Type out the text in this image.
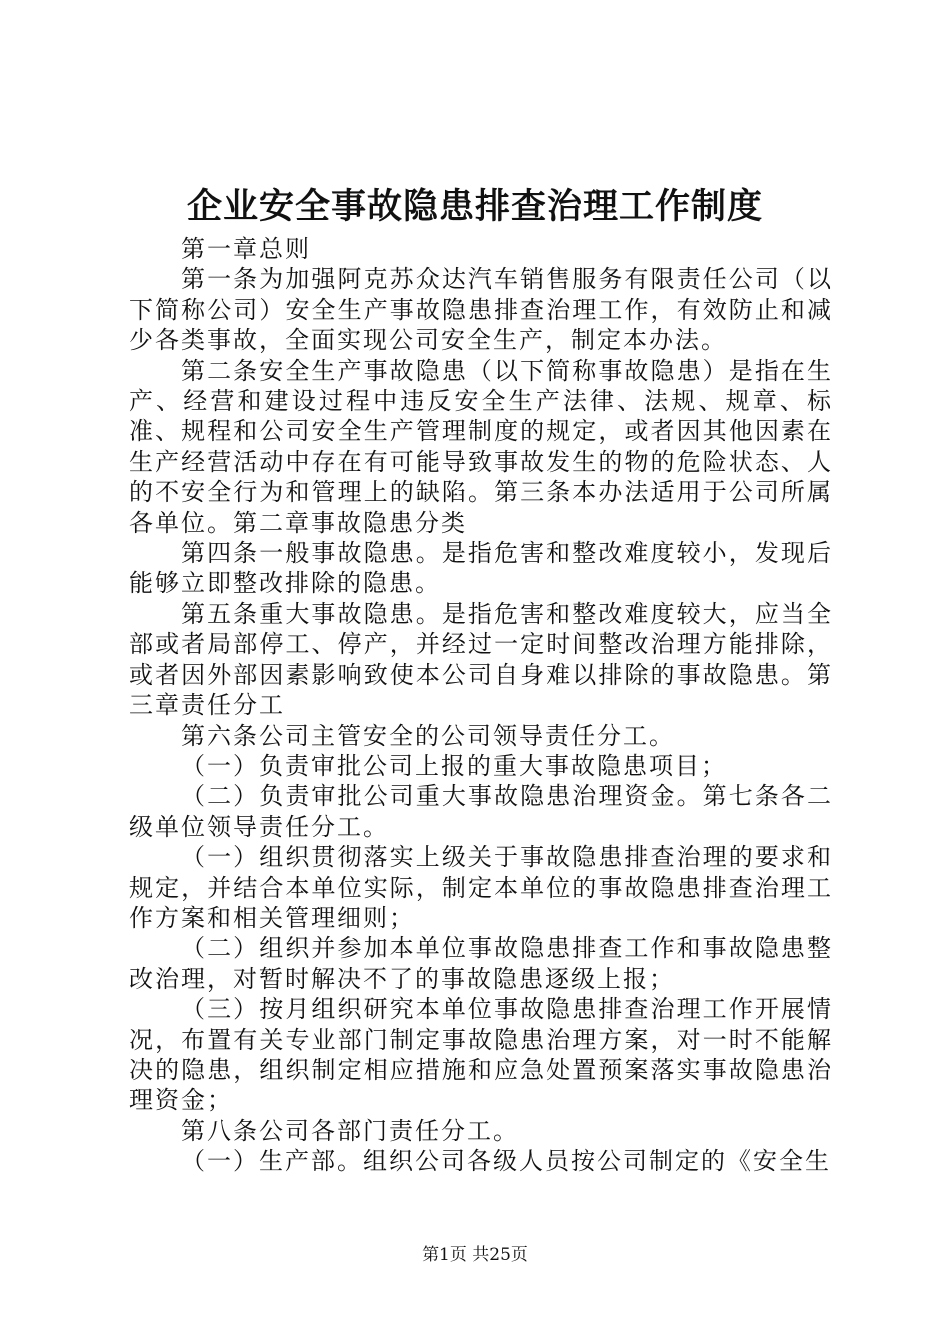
企业安全事故隐患排查治理工作制度

第一章总则

第一条为加强阿克苏众达汽车销售服务有限责任公司（以下简称公司）安全生产事故隐患排查治理工作，有效防止和减少各类事故，全面实现公司安全生产，制定本办法。

第二条安全生产事故隐患（以下简称事故隐患）是指在生产、经营和建设过程中违反安全生产法律、法规、规章、标准、规程和公司安全生产管理制度的规定，或者因其他因素在生产经营活动中存在有可能导致事故发生的物的危险状态、人的不安全行为和管理上的缺陷。第三条本办法适用于公司所属各单位。第二章事故隐患分类

第四条一般事故隐患。是指危害和整改难度较小，发现后能够立即整改排除的隐患。

第五条重大事故隐患。是指危害和整改难度较大，应当全部或者局部停工、停产，并经过一定时间整改治理方能排除，或者因外部因素影响致使本公司自身难以排除的事故隐患。第三章责任分工

第六条公司主管安全的公司领导责任分工。

（一）负责审批公司上报的重大事故隐患项目；

（二）负责审批公司重大事故隐患治理资金。第七条各二级单位领导责任分工。

（一）组织贯彻落实上级关于事故隐患排查治理的要求和规定，并结合本单位实际，制定本单位的事故隐患排查治理工作方案和相关管理细则；

（二）组织并参加本单位事故隐患排查工作和事故隐患整改治理，对暂时解决不了的事故隐患逐级上报；

（三）按月组织研究本单位事故隐患排查治理工作开展情况，布置有关专业部门制定事故隐患治理方案，对一时不能解决的隐患，组织制定相应措施和应急处置预案落实事故隐患治理资金；

第八条公司各部门责任分工。

（一）生产部。组织公司各级人员按公司制定的《安全生

第1页 共25页
